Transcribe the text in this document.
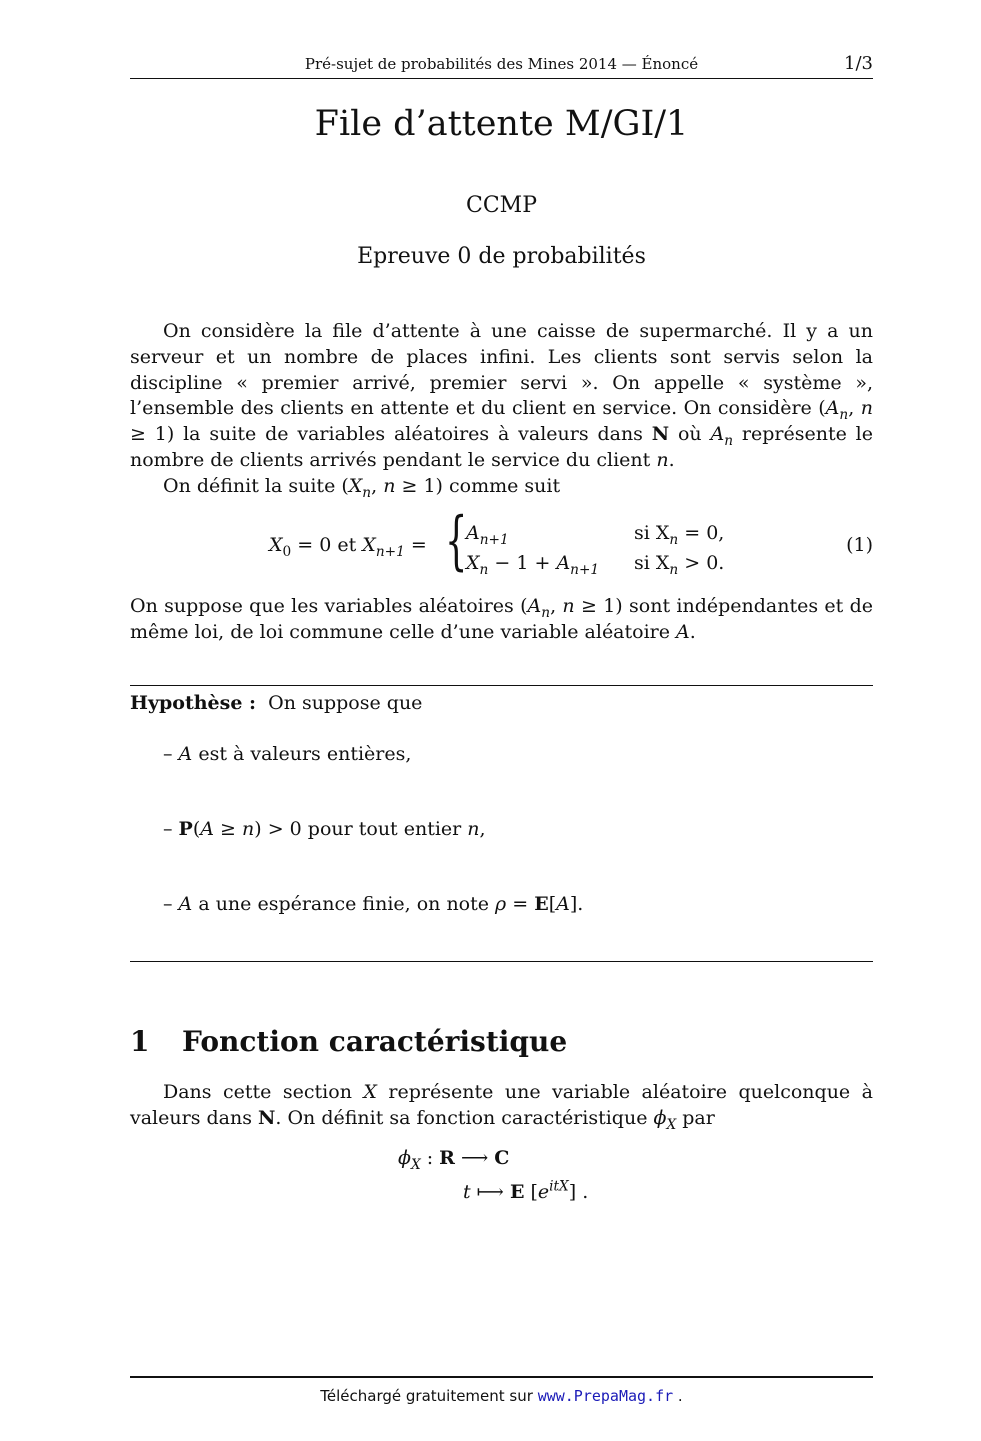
Pré-sujet de probabilités des Mines 2014 — Énoncé	1/3
File d’attente M/GI/1
CCMP
Epreuve 0 de probabilités
On considère la file d’attente à une caisse de supermarché. Il y a un serveur et un nombre de places infini. Les clients sont servis selon la discipline « premier arrivé, premier servi ». On appelle « système », l’ensemble des clients en attente et du client en service. On considère ($A_n$, n ≥ 1) la suite de variables aléatoires à valeurs dans N où $A_n$ représente le nombre de clients arrivés pendant le service du client n.
On définit la suite ($X_n$, n ≥ 1) comme suit
$X_0 = 0$ et $X_{n+1}$ = {
$A_{n+1}$	si $X_n = 0$,
$X_n - 1 + A_{n+1}$ si $X_n > 0$.
(1)
On suppose que les variables aléatoires ($A_n$, n ≥ 1) sont indépendantes et de même loi, de loi commune celle d’une variable aléatoire A.
Hypothèse : On suppose que
– A est à valeurs entières,
– P(A ≥ n) > 0 pour tout entier n,
– A a une espérance finie, on note ρ = E[A].
1 Fonction caractéristique
Dans cette section X représente une variable aléatoire quelconque à valeurs dans N. On définit sa fonction caractéristique $\phi_X$ par
$\phi_X$ : R ⟶ C
t ⟼ E $[e^{itX}]$ .
Téléchargé gratuitement sur www.PrepaMag.fr .
